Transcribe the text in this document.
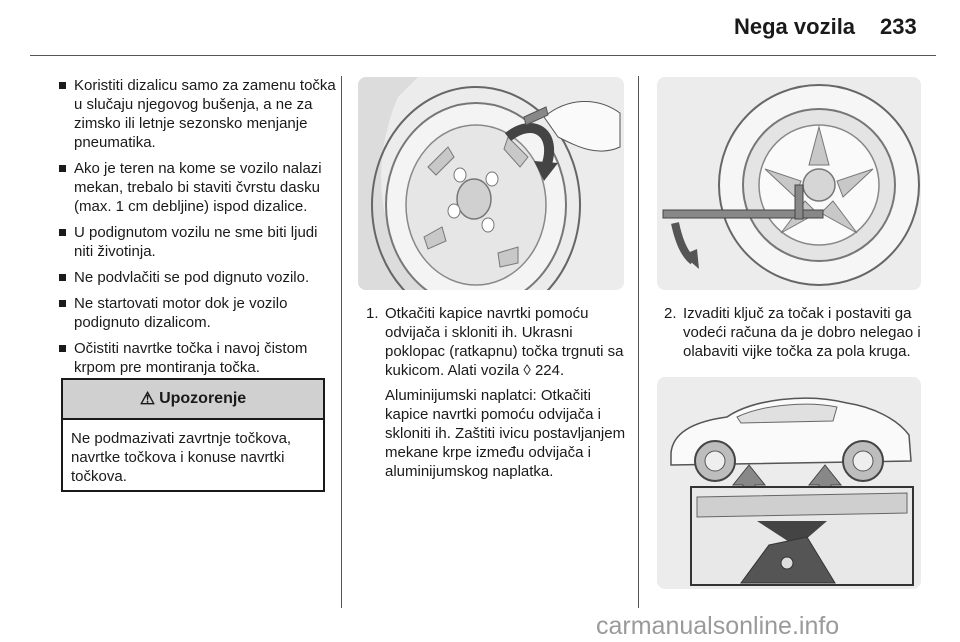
Nega vozila 233
Koristiti dizalicu samo za zamenu točka u slučaju njegovog bušenja, a ne za zimsko ili letnje sezonsko menjanje pneumatika.
Ako je teren na kome se vozilo nalazi mekan, trebalo bi staviti čvrstu dasku (max. 1 cm debljine) ispod dizalice.
U podignutom vozilu ne sme biti ljudi niti životinja.
Ne podvlačiti se pod dignuto vozilo.
Ne startovati motor dok je vozilo podignuto dizalicom.
Očistiti navrtke točka i navoj čistom krpom pre montiranja točka.
⚠ Upozorenje
Ne podmazivati zavrtnje točkova, navrtke točkova i konuse navrtki točkova.
1. Otkačiti kapice navrtki pomoću odvijača i skloniti ih. Ukrasni poklopac (ratkapnu) točka trgnuti sa kukicom. Alati vozila ◊ 224.
Aluminijumski naplatci: Otkačiti kapice navrtki pomoću odvijača i skloniti ih. Zaštiti ivicu postavljanjem mekane krpe između odvijača i aluminijumskog naplatka.
2. Izvaditi ključ za točak i postaviti ga vodeći računa da je dobro nelegao i olabaviti vijke točka za pola kruga.
carmanualsonline.info
